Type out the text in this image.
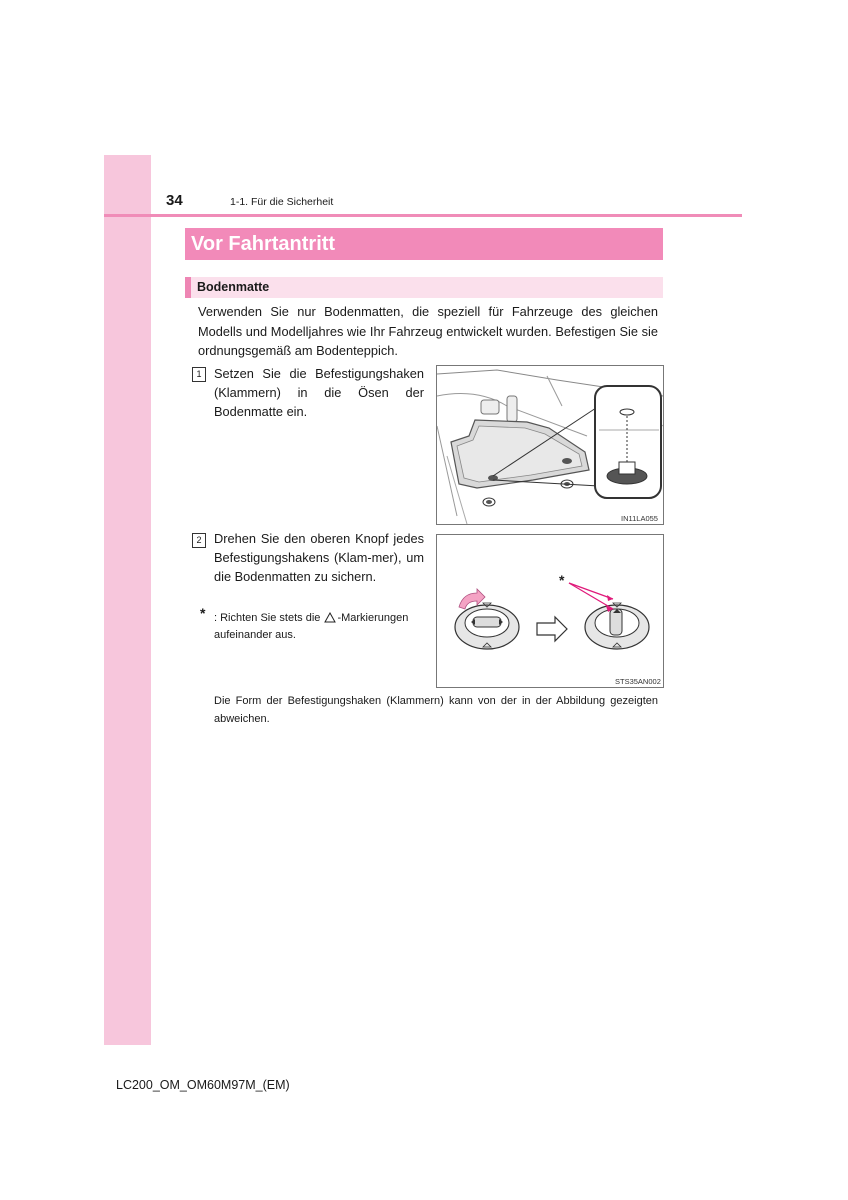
34	1-1. Für die Sicherheit
Vor Fahrtantritt
Bodenmatte

Verwenden Sie nur Bodenmatten, die speziell für Fahrzeuge des gleichen Modells und Modelljahres wie Ihr Fahrzeug entwickelt wurden. Befestigen Sie sie ordnungsgemäß am Bodenteppich.

1 Setzen Sie die Befestigungshaken (Klammern) in die Ösen der Bodenmatte ein.

IN11LA055
2 Drehen Sie den oberen Knopf jedes Befestigungshakens (Klam-mer), um die Bodenmatten zu sichern.

* : Richten Sie stets die -Markierungen aufeinander aus.

*
STS35AN002

Die Form der Befestigungshaken (Klammern) kann von der in der Abbildung gezeigten abweichen.

LC200_OM_OM60M97M_(EM)
